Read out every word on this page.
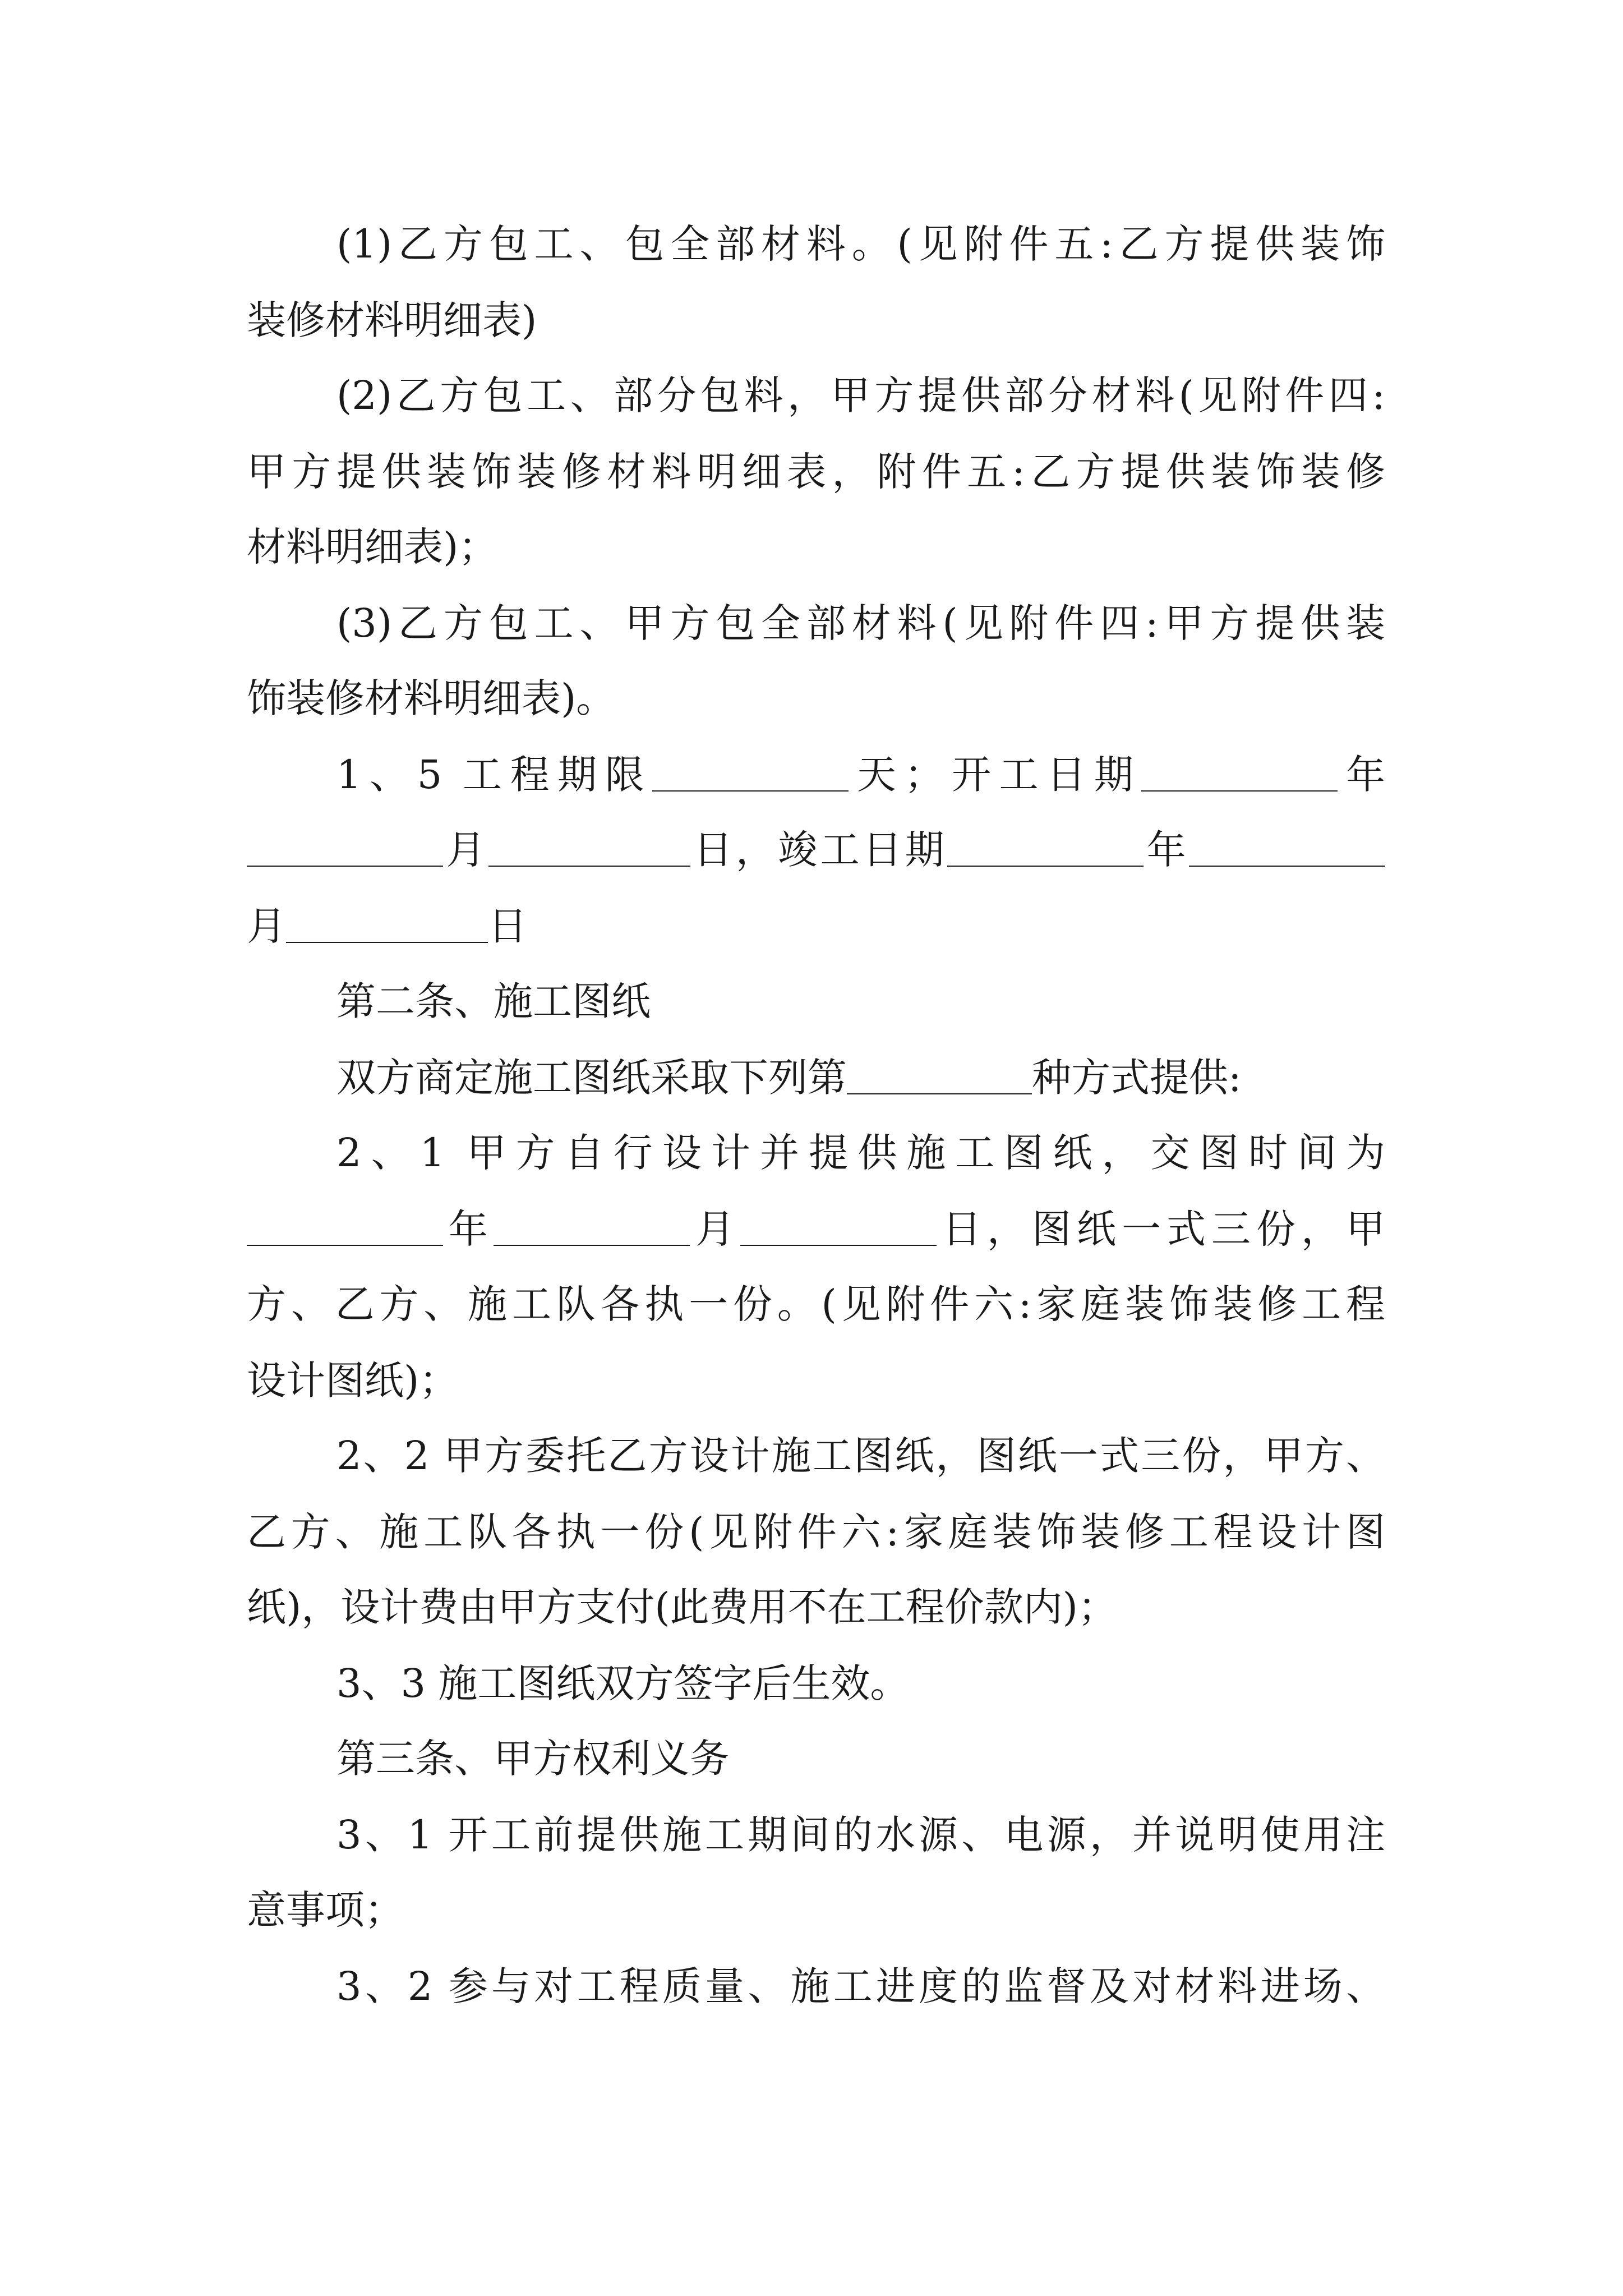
(1)乙方包工、包全部材料。(见附件五:乙方提供装饰
装修材料明细表)
(2)乙方包工、部分包料，甲方提供部分材料(见附件四:
甲方提供装饰装修材料明细表，附件五:乙方提供装饰装修
材料明细表)；
(3)乙方包工、甲方包全部材料(见附件四:甲方提供装
饰装修材料明细表)。
1、5 工程期限	天；开工日期	年
月	日，竣工日期	年
月	日
第二条、施工图纸
双方商定施工图纸采取下列第	种方式提供:
2、1 甲方自行设计并提供施工图纸，交图时间为
年	月	日，图纸一式三份，甲
方、乙方、施工队各执一份。(见附件六:家庭装饰装修工程
设计图纸)；
2、2 甲方委托乙方设计施工图纸，图纸一式三份，甲方、
乙方、施工队各执一份(见附件六:家庭装饰装修工程设计图
纸)，设计费由甲方支付(此费用不在工程价款内)；
3、3 施工图纸双方签字后生效。
第三条、甲方权利义务
3、1 开工前提供施工期间的水源、电源，并说明使用注
意事项；
3、2 参与对工程质量、施工进度的监督及对材料进场、
